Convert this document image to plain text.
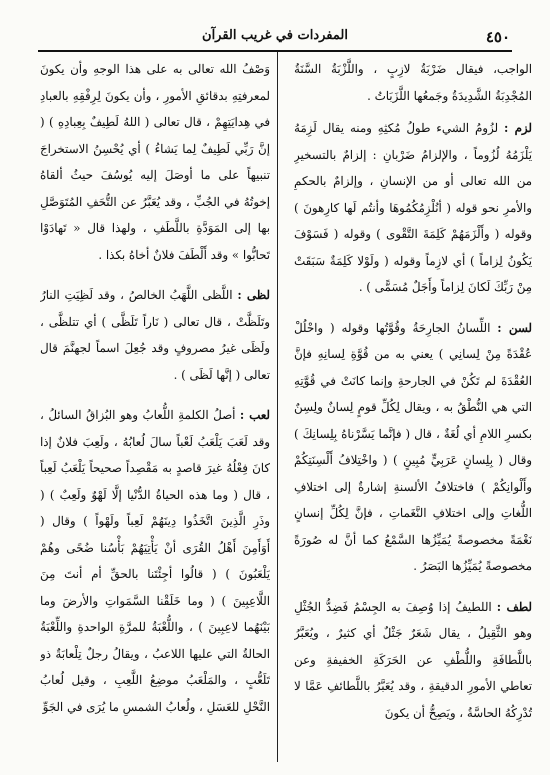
٤٥٠
المفردات في غريب القرآن

الواجب، فيقال ضَرْبَةُ لازِبٍ ، واللَّزْبَةُ السَّنَةُ المُجْدِبَةُ الشَّدِيدَةُ وجَمعُها اللَّزَبَاتُ .

لزم : لزُومُ الشيء طولُ مُكثِهِ ومنه يقال لَزِمَهُ يَلْزَمُهُ لُزُوماً ، والإلزامُ ضَرْبانِ : إلزامٌ بالتسخيرِ من الله تعالى أو من الإنسانِ ، وإلزامٌ بالحكمِ والأمرِ نحو قوله ( أنُلْزِمُكُمُوهَا وأنتُم لَها كارِهونَ ) وقوله ( وأَلْزَمَهُمْ كَلِمَةَ التَّقْوى ) وقوله ( فَسَوْفَ يَكُونُ لِزاماً ) أي لازِماً وقوله ( ولَوْلا كَلِمَةٌ سَبَقَتْ مِنْ رَبِّكَ لَكانَ لِزاماً وأَجَلٌ مُسَمًّى ) .

لسن : اللِّسانُ الجارِحَةُ وقُوَّتُها وقوله ( واحْلُلْ عُقْدَةً مِنْ لِسانِي ) يعني به من قُوَّةِ لِسانِهِ فإنَّ العُقْدَةَ لم تَكُنْ في الجارحةِ وإنما كانَتْ في قُوَّتِهِ التي هي النُّطْقُ به ، ويقال لِكُلِّ قومٍ لِسانٌ ولِسِنٌ بكسرِ اللامِ أي لُغَةٌ ، قال ( فإنَّما يَسَّرْناهُ بِلِسانِكَ ) وقال ( بِلِسانٍ عَرَبِيٍّ مُبِينٍ ) ( واخْتِلافُ أَلْسِنَتِكُمْ وأَلْوانِكُمْ ) فاختلافُ الألسنةِ إشارةٌ إلى اختلافِ اللُّغاتِ وإلى اختلافِ النَّغَماتِ ، فإنَّ لِكُلِّ إنسانٍ نَغْمَةً مخصوصةً يُمَيِّزُها السَّمْعُ كما أنَّ له صُورَةً مخصوصةً يُمَيِّزُها البَصَرُ .

لطف : اللطيفُ إذا وُصِفَ به الجِسْمُ فَضِدُّ الجُثْلِ وهو الثَّقِيلُ ، يقال شَعَرٌ جَثْلٌ أي كثيرٌ ، ويُعَبَّرُ باللَّطافَةِ واللُّطْفِ عن الحَرَكَةِ الخفيفةِ وعن تعاطي الأمورِ الدقيقةِ ، وقد يُعَبَّرُ باللَّطائفِ عَمَّا لا تُدْرِكُهُ الحاسَّةُ ، ويَصِحُّ أن يكونَ

وَصْفُ الله تعالى به على هذا الوجهِ وأن يكونَ لمعرفتِهِ بدقائقِ الأمورِ ، وأن يكونَ لِرِفْقِهِ بالعبادِ في هِدايَتِهِمْ ، قال تعالى ( اللهُ لَطِيفٌ بِعِبادِهِ ) ( إنَّ رَبِّي لَطِيفٌ لِما يَشاءُ ) أي يُحْسِنُ الاستخراجَ تنبيهاً على ما أوصَلَ إليه يُوسُفَ حيثُ ألقاهُ إخوتُهُ في الجُبِّ ، وقد يُعَبَّرُ عن التُّحَفِ المُتَوَصَّلِ بها إلى المَوَدَّةِ باللَّطَفِ ، ولهذا قال « تَهادَوْا تَحابُّوا » وقد أَلْطَفَ فلانٌ أخاهُ بكذا .

لظى : اللَّظى اللَّهَبُ الخالصُ ، وقد لَظِيَتِ النارُ وتَلَظَّتْ ، قال تعالى ( نَاراً تَلَظَّى ) أي تتلظَّى ، ولَظَى غيرُ مصروفٍ وقد جُعِلَ اسماً لجهنَّمَ قال تعالى ( إنَّها لَظَى ) .

لعب : أصلُ الكلمةِ اللُّعابُ وهو البُزاقُ السائلُ ، وقد لَعَبَ يَلْعَبُ لَعْباً سالَ لُعابُهُ ، ولَعِبَ فلانٌ إذا كانَ فِعْلُهُ غيرَ قاصدٍ به مَقْصِداً صحيحاً يَلْعَبُ لَعِباً ، قال ( وما هذه الحياةُ الدُّنْيا إلَّا لَهْوٌ ولَعِبٌ ) ( وذَرِ الَّذِينَ اتَّخَذُوا دِينَهُمْ لَعِباً ولَهْواً ) وقال ( أَوَأَمِنَ أَهْلُ القُرَى أنْ يَأْتِيَهُمْ بَأْسُنا ضُحًى وهُمْ يَلْعَبُونَ ) ( قالُوا أجِئْتَنا بالحقِّ أم أنتَ مِنَ اللَّاعِبِينَ ) ( وما خَلَقْنا السَّمَواتِ والأرضَ وما بَيْنَهُما لاعِبِينَ ) ، واللُّعْبَةُ للمرَّةِ الواحدةِ واللِّعْبَةُ الحالةُ التي عليها اللاعبُ ، ويقالُ رجلٌ تِلْعابَةٌ ذو تَلَعُّبٍ ، والمَلْعَبُ موضِعُ اللَّعِبِ ، وقيل لُعابُ النَّحْلِ للعَسَلِ ، ولُعابُ الشمسِ ما يُرَى في الجَوِّ
